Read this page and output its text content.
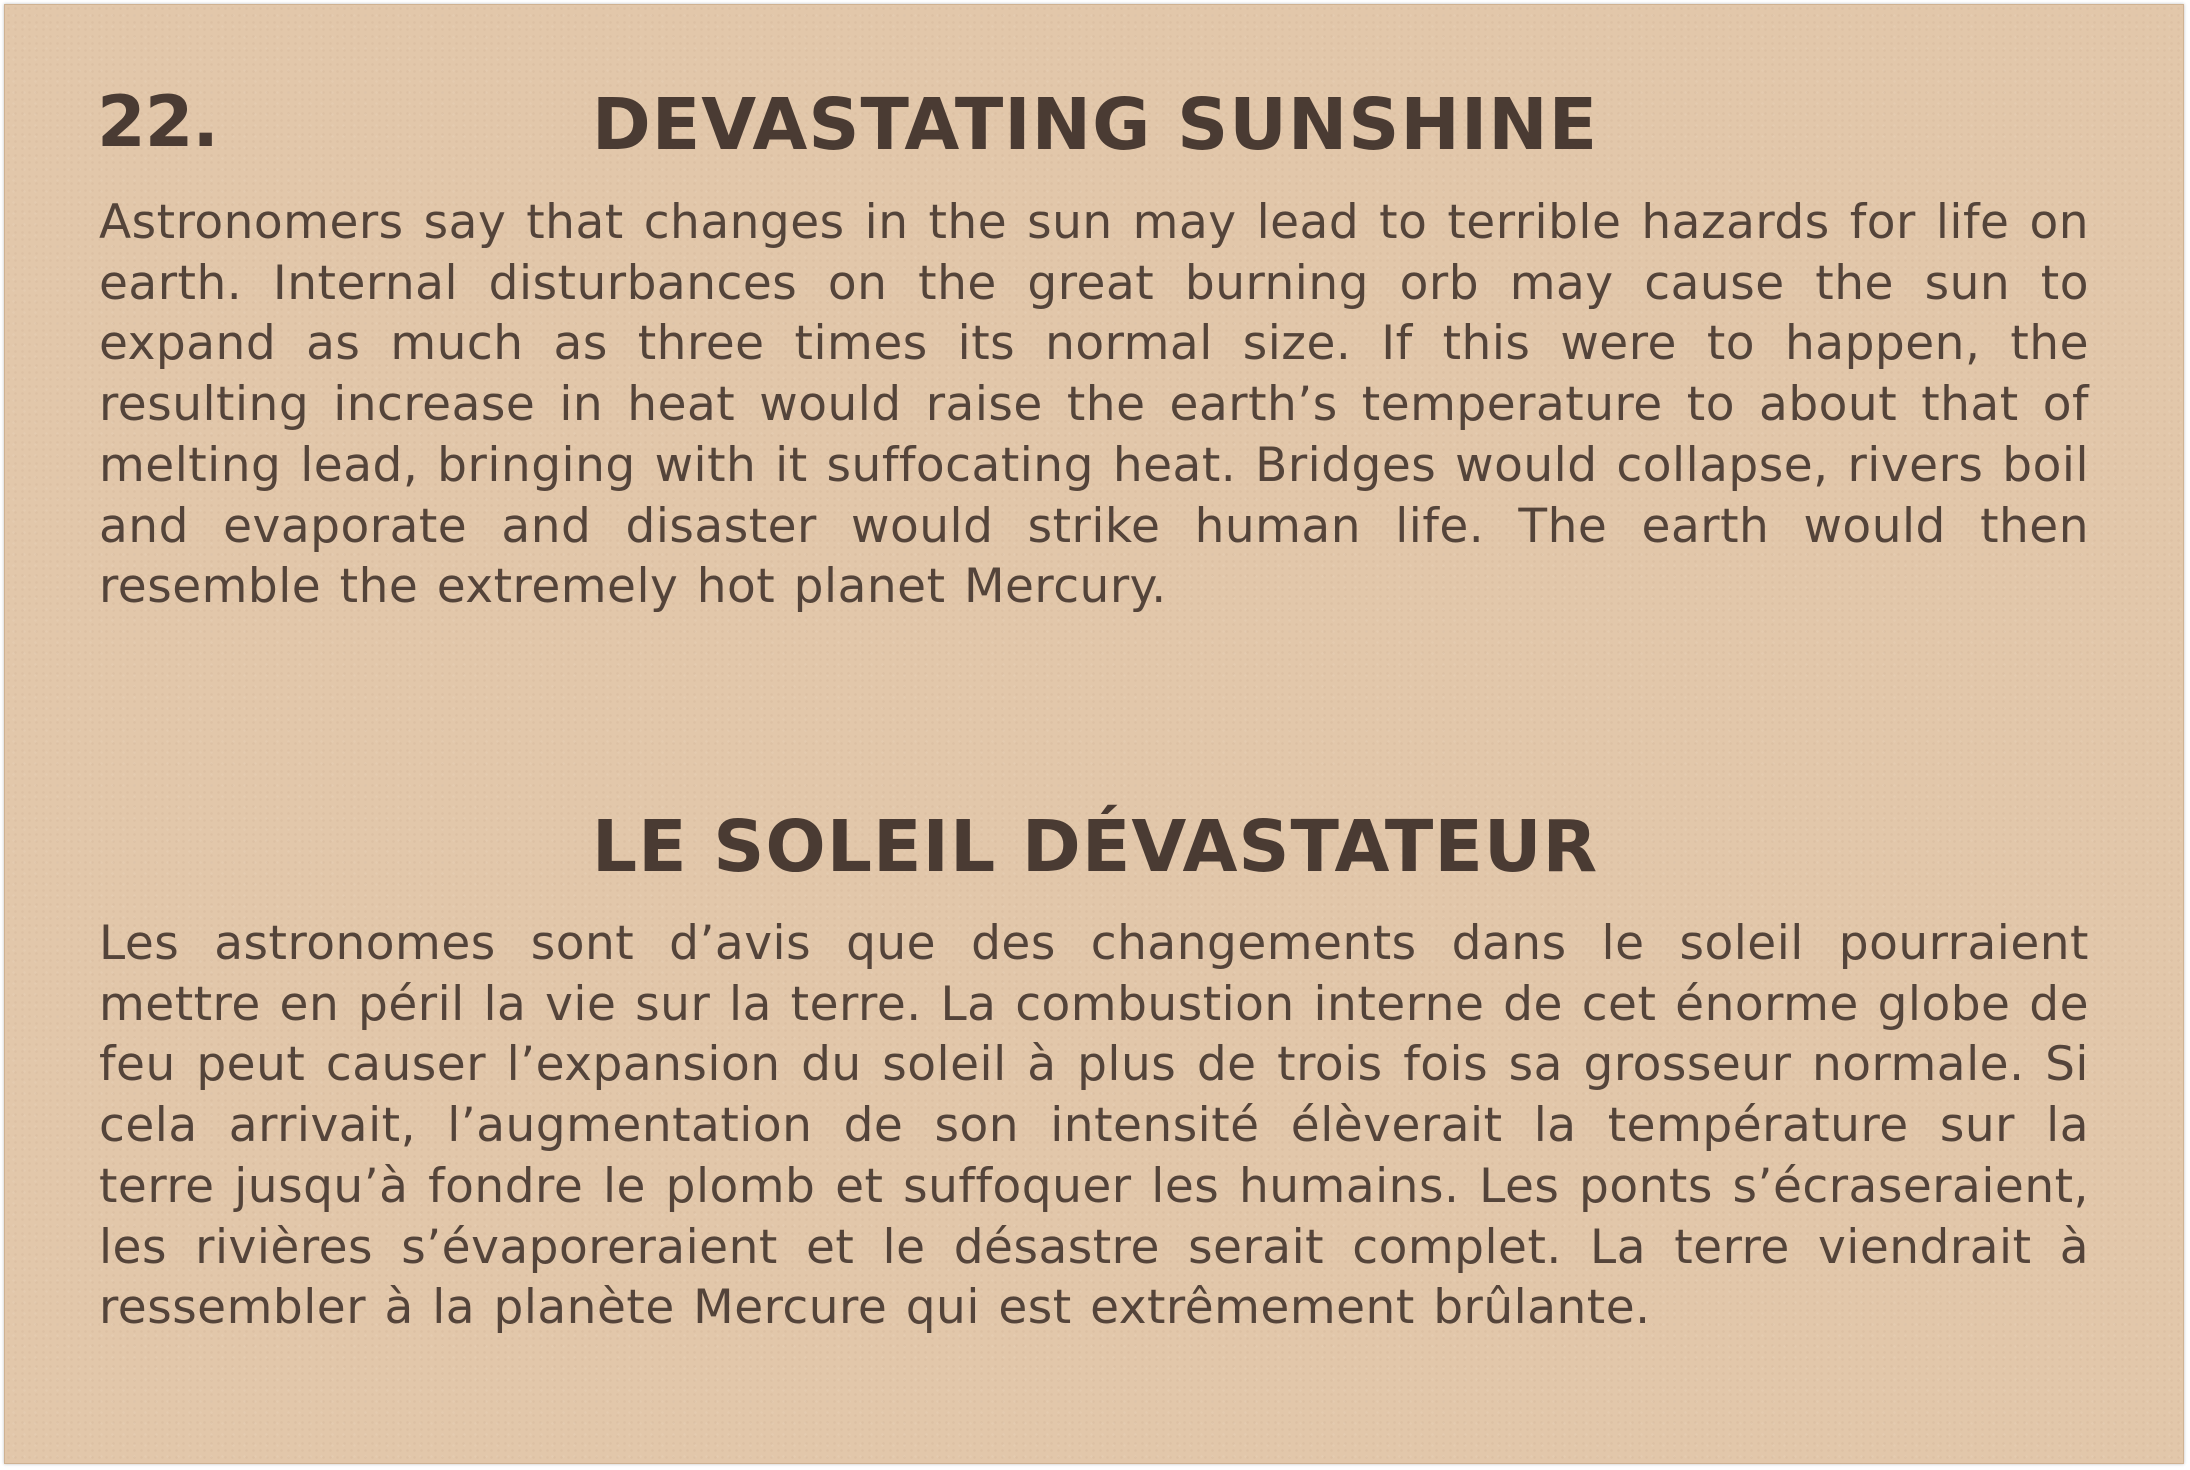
22.	DEVASTATING SUNSHINE

Astronomers say that changes in the sun may lead to terrible hazards for life on earth. Internal disturbances on the great burning orb may cause the sun to expand as much as three times its normal size. If this were to happen, the resulting increase in heat would raise the earth’s temperature to about that of melting lead, bringing with it suffocating heat. Bridges would collapse, rivers boil and evaporate and disaster would strike human life. The earth would then resemble the extremely hot planet Mercury.

LE SOLEIL DÉVASTATEUR

Les astronomes sont d’avis que des changements dans le soleil pourraient mettre en péril la vie sur la terre. La combustion interne de cet énorme globe de feu peut causer l’expansion du soleil à plus de trois fois sa grosseur normale. Si cela arrivait, l’augmentation de son intensité élèverait la température sur la terre jusqu’à fondre le plomb et suffoquer les humains. Les ponts s’écraseraient, les rivières s’évaporeraient et le désastre serait complet. La terre viendrait à ressembler à la planète Mercure qui est extrêmement brûlante.
